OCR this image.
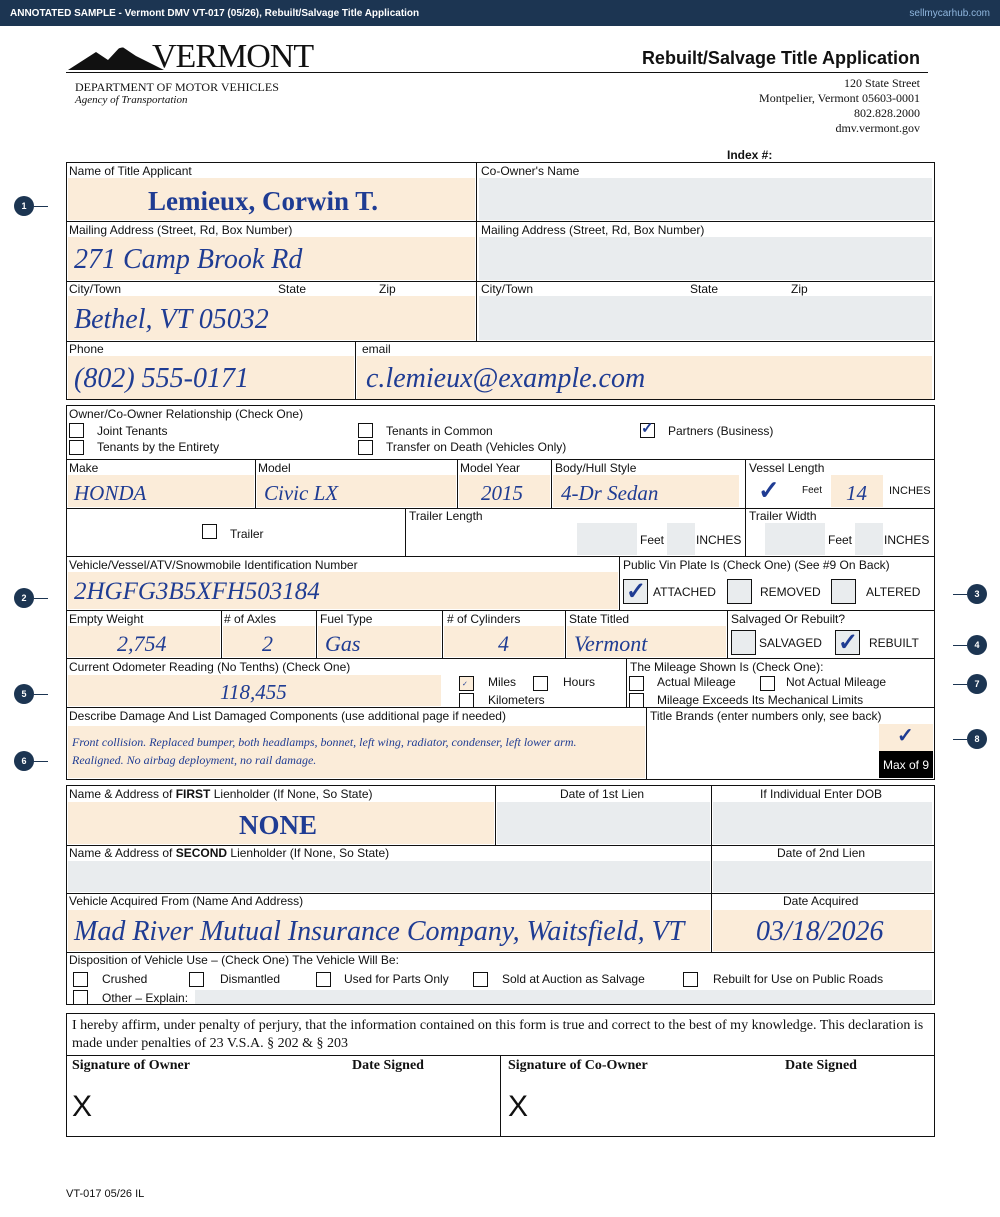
ANNOTATED SAMPLE - Vermont DMV VT-017 (05/26), Rebuilt/Salvage Title Application	sellmycarhub.com
VERMONT
DEPARTMENT OF MOTOR VEHICLES
Agency of Transportation
Rebuilt/Salvage Title Application
120 State Street
Montpelier, Vermont 05603-0001
802.828.2000
dmv.vermont.gov
Index #:
Name of Title Applicant
Lemieux, Corwin T.
Co-Owner's Name
Mailing Address (Street, Rd, Box Number)
271 Camp Brook Rd
Mailing Address (Street, Rd, Box Number)
City/Town	State	Zip
Bethel, VT 05032
City/Town	State	Zip
Phone
(802) 555-0171
email
c.lemieux@example.com
Owner/Co-Owner Relationship (Check One)
Joint Tenants
Tenants by the Entirety
Tenants in Common
Transfer on Death (Vehicles Only)
✓ Partners (Business)
Make
HONDA
Model
Civic LX
Model Year
2015
Body/Hull Style
4-Dr Sedan
Vessel Length
✓ Feet 14 INCHES
Trailer
Trailer Length
Feet	INCHES
Trailer Width
Feet	INCHES
Vehicle/Vessel/ATV/Snowmobile Identification Number
2HGFG3B5XFH503184
Public Vin Plate Is (Check One) (See #9 On Back)
✓ ATTACHED	REMOVED	ALTERED
Empty Weight
2,754
# of Axles
2
Fuel Type
Gas
# of Cylinders
4
State Titled
Vermont
Salvaged Or Rebuilt?
SALVAGED ✓ REBUILT
Current Odometer Reading (No Tenths) (Check One)
118,455	✓ Miles	Hours
Kilometers
The Mileage Shown Is (Check One):
Actual Mileage	Not Actual Mileage
Mileage Exceeds Its Mechanical Limits
Describe Damage And List Damaged Components (use additional page if needed)
Front collision. Replaced bumper, both headlamps, bonnet, left wing, radiator, condenser, left lower arm.
Realigned. No airbag deployment, no rail damage.
Title Brands (enter numbers only, see back)
✓
Max of 9
Name & Address of FIRST Lienholder (If None, So State)
NONE
Date of 1st Lien	If Individual Enter DOB
Name & Address of SECOND Lienholder (If None, So State)	Date of 2nd Lien
Vehicle Acquired From (Name And Address)
Mad River Mutual Insurance Company, Waitsfield, VT
Date Acquired
03/18/2026
Disposition of Vehicle Use – (Check One) The Vehicle Will Be:
Crushed	Dismantled	Used for Parts Only	Sold at Auction as Salvage	Rebuilt for Use on Public Roads
Other – Explain:
I hereby affirm, under penalty of perjury, that the information contained on this form is true and correct to the best of my knowledge. This declaration is made under penalties of 23 V.S.A. § 202 & § 203
Signature of Owner	Date Signed
X
Signature of Co-Owner	Date Signed
X
VT-017 05/26 IL
1
2	3
4
5
6
7
8
